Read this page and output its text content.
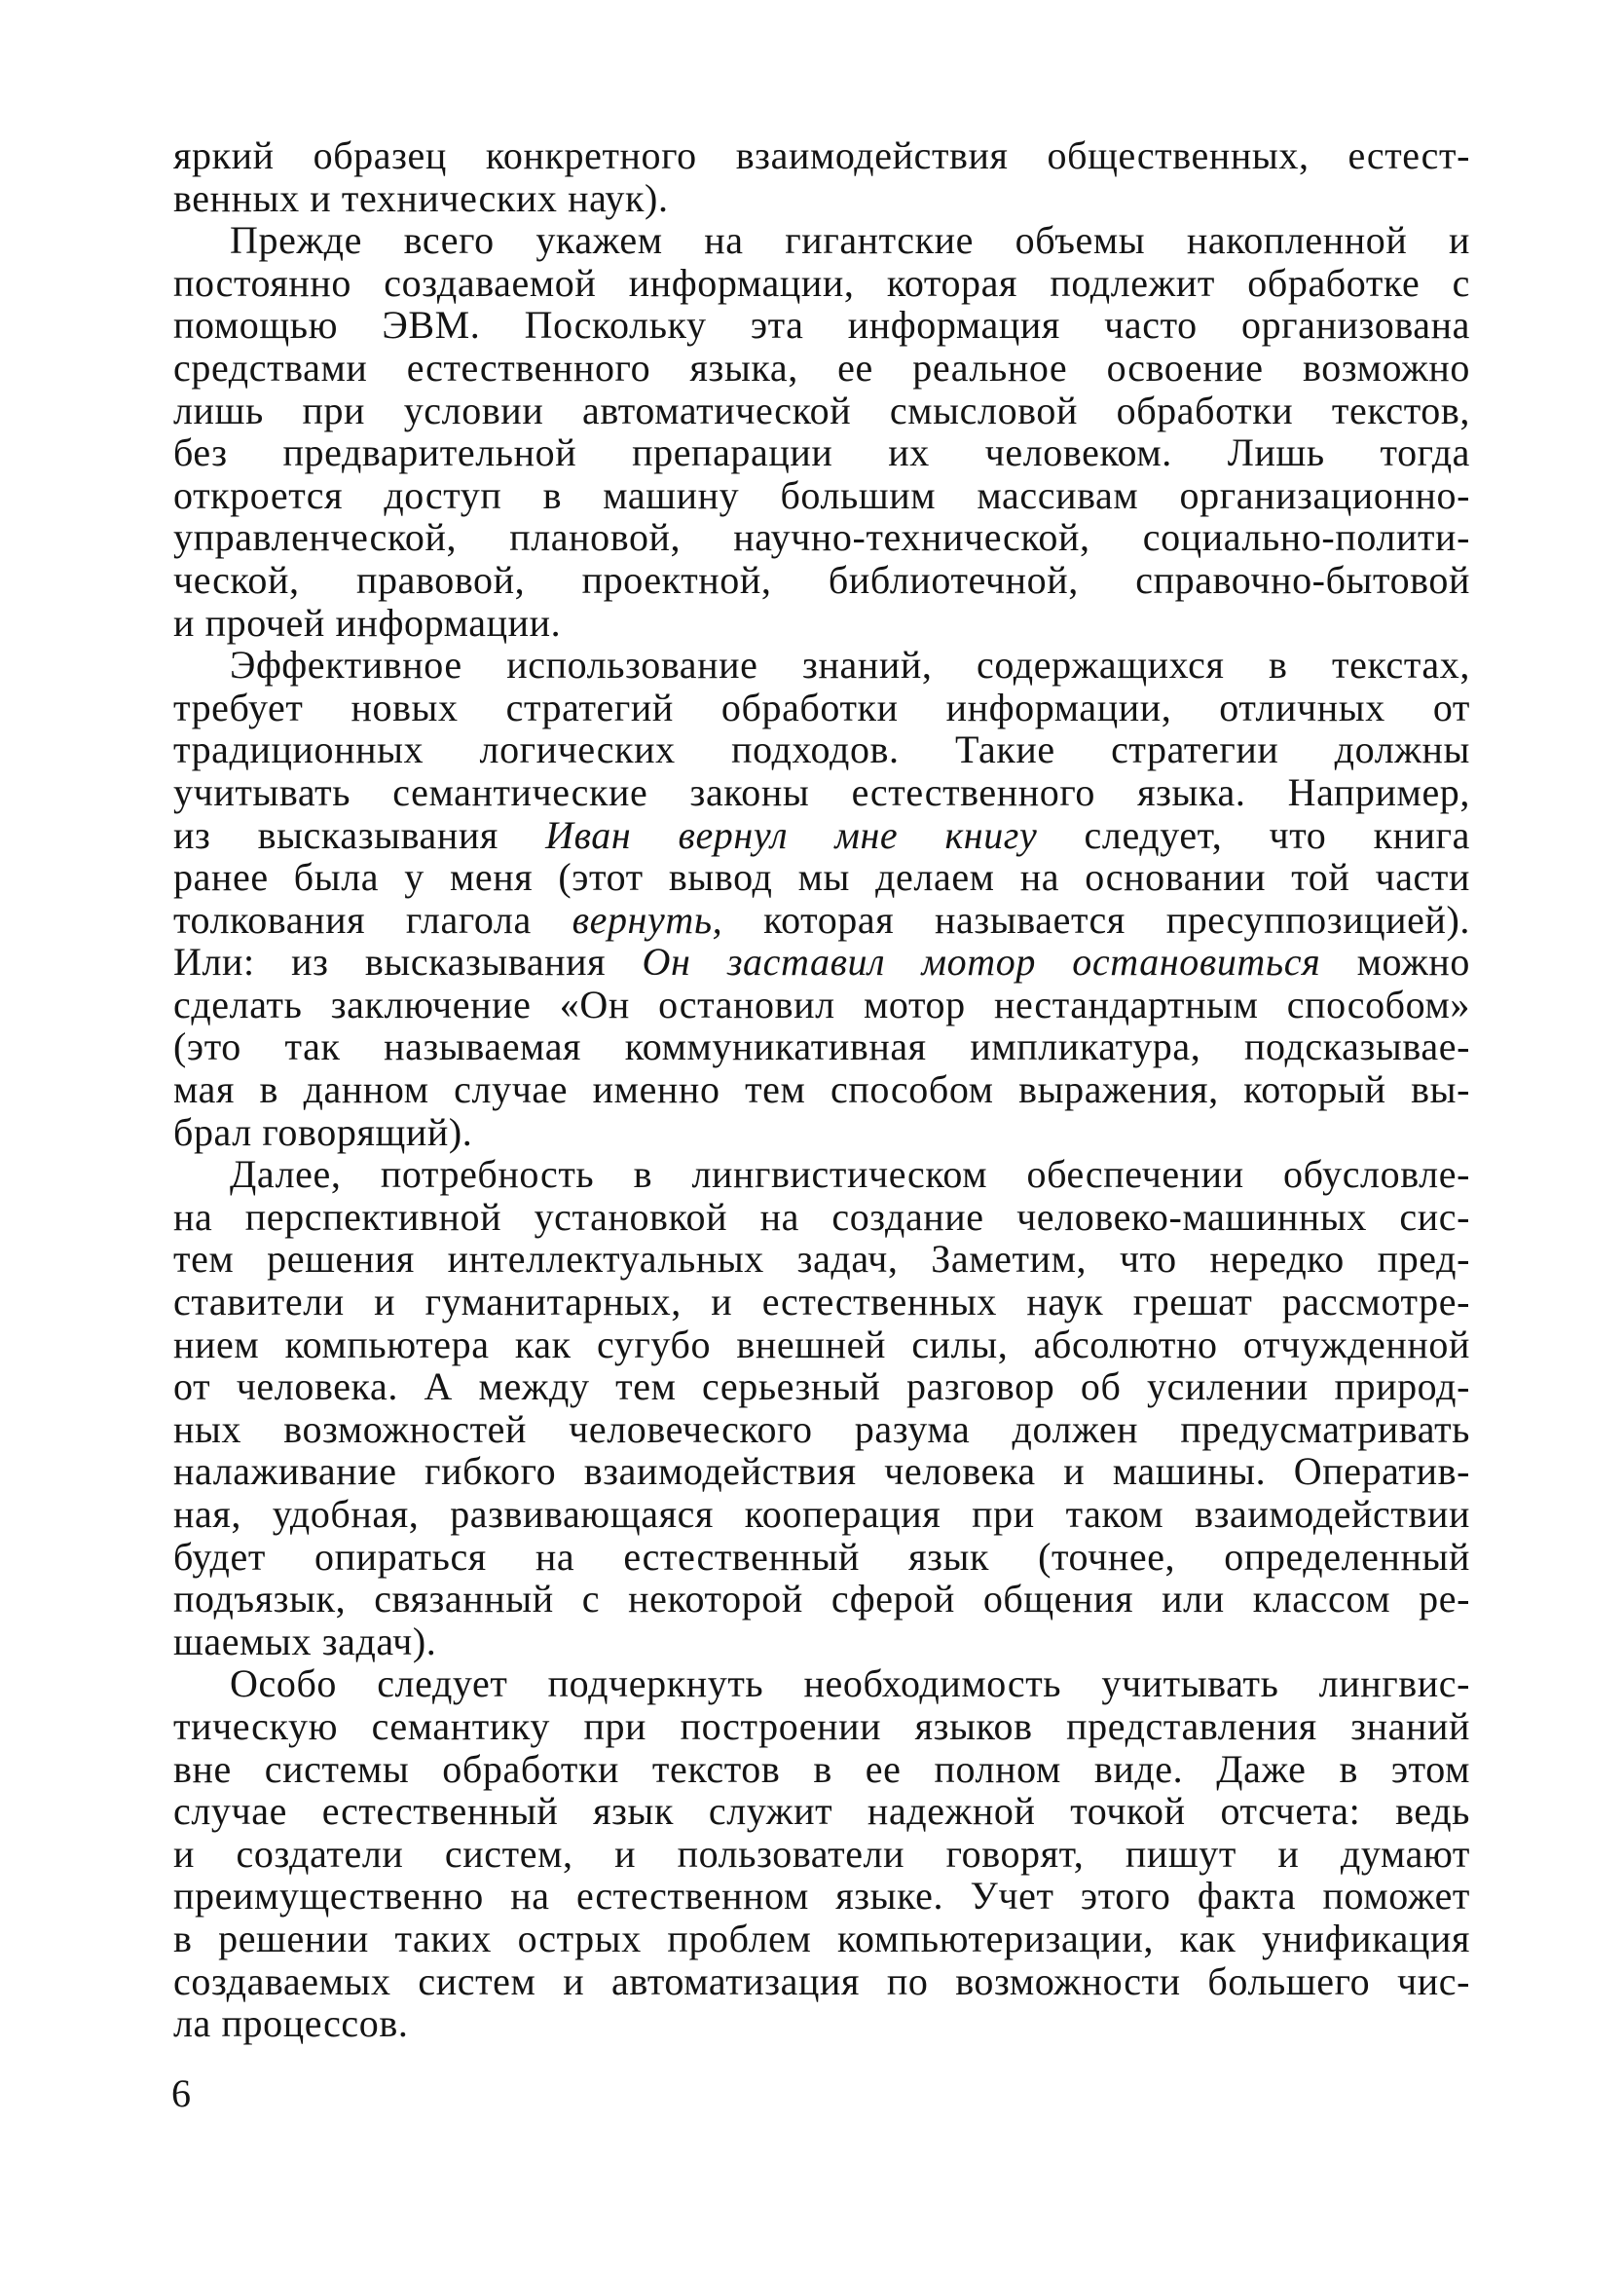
яркий образец конкретного взаимодействия общественных, естест-
венных и технических наук).
Прежде всего укажем на гигантские объемы накопленной и
постоянно создаваемой информации, которая подлежит обработке с
помощью ЭВМ. Поскольку эта информация часто организована
средствами естественного языка, ее реальное освоение возможно
лишь при условии автоматической смысловой обработки текстов,
без предварительной препарации их человеком. Лишь тогда
откроется доступ в машину большим массивам организационно-
управленческой, плановой, научно-технической, социально-полити-
ческой, правовой, проектной, библиотечной, справочно-бытовой
и прочей информации.
Эффективное использование знаний, содержащихся в текстах,
требует новых стратегий обработки информации, отличных от
традиционных логических подходов. Такие стратегии должны
учитывать семантические законы естественного языка. Например,
из высказывания Иван вернул мне книгу следует, что книга
ранее была у меня (этот вывод мы делаем на основании той части
толкования глагола вернуть, которая называется пресуппозицией).
Или: из высказывания Он заставил мотор остановиться можно
сделать заключение «Он остановил мотор нестандартным способом»
(это так называемая коммуникативная импликатура, подсказывае-
мая в данном случае именно тем способом выражения, который вы-
брал говорящий).
Далее, потребность в лингвистическом обеспечении обусловле-
на перспективной установкой на создание человеко-машинных сис-
тем решения интеллектуальных задач, Заметим, что нередко пред-
ставители и гуманитарных, и естественных наук грешат рассмотре-
нием компьютера как сугубо внешней силы, абсолютно отчужденной
от человека. А между тем серьезный разговор об усилении природ-
ных возможностей человеческого разума должен предусматривать
налаживание гибкого взаимодействия человека и машины. Оператив-
ная, удобная, развивающаяся кооперация при таком взаимодействии
будет опираться на естественный язык (точнее, определенный
подъязык, связанный с некоторой сферой общения или классом ре-
шаемых задач).
Особо следует подчеркнуть необходимость учитывать лингвис-
тическую семантику при построении языков представления знаний
вне системы обработки текстов в ее полном виде. Даже в этом
случае естественный язык служит надежной точкой отсчета: ведь
и создатели систем, и пользователи говорят, пишут и думают
преимущественно на естественном языке. Учет этого факта поможет
в решении таких острых проблем компьютеризации, как унификация
создаваемых систем и автоматизация по возможности большего чис-
ла процессов.
6
